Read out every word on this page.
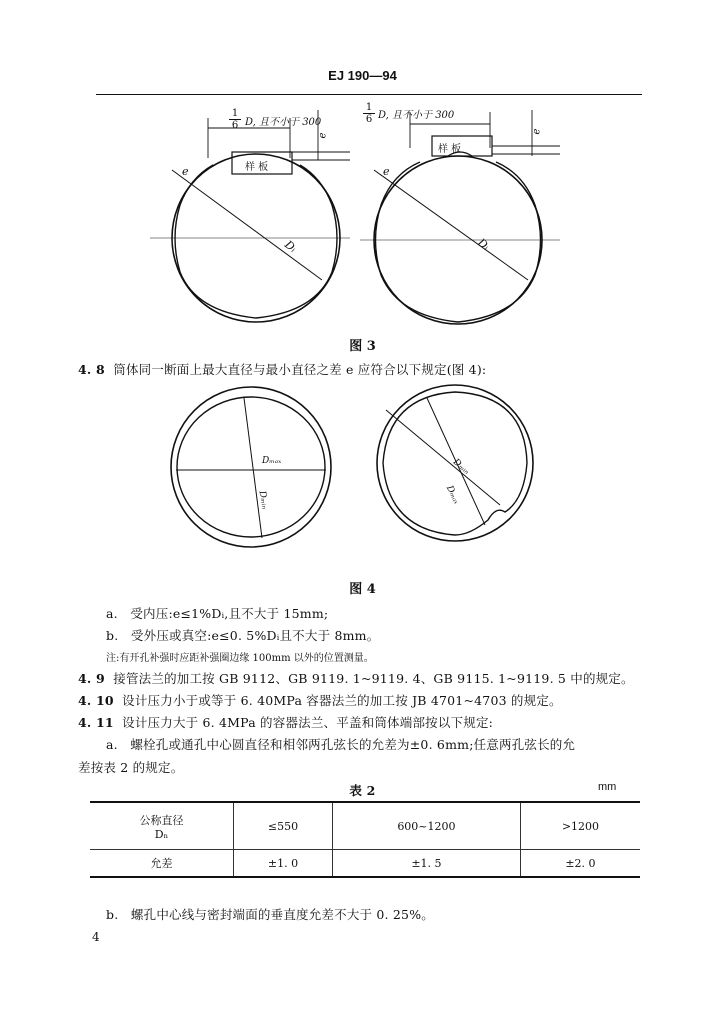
EJ 190—94
$\frac{1}{6} D$, 且不小于 300
样 板
e
Dᵢ
e
$\frac{1}{6} D$, 且不小于 300
样 板
e
Dᵢ
e
图 3
4. 8 筒体同一断面上最大直径与最小直径之差 e 应符合以下规定(图 4):
Dₘₐₓ
Dₘᵢₙ
Dₘᵢₙ
Dₘₐₓ
图 4
a. 受内压:e≤1%Dᵢ,且不大于 15mm;
b. 受外压或真空:e≤0. 5%Dᵢ且不大于 8mm。
注:有开孔补强时应距补强圈边缘 100mm 以外的位置测量。
4. 9 接管法兰的加工按 GB 9112、GB 9119. 1~9119. 4、GB 9115. 1~9119. 5 中的规定。
4. 10 设计压力小于或等于 6. 40MPa 容器法兰的加工按 JB 4701~4703 的规定。
4. 11 设计压力大于 6. 4MPa 的容器法兰、平盖和筒体端部按以下规定:
a. 螺栓孔或通孔中心圆直径和相邻两孔弦长的允差为±0. 6mm;任意两孔弦长的允
差按表 2 的规定。
表 2	mm
公称直径
Dₙ	≤550	600~1200	>1200
允差	±1. 0	±1. 5	±2. 0
b. 螺孔中心线与密封端面的垂直度允差不大于 0. 25%。
4
